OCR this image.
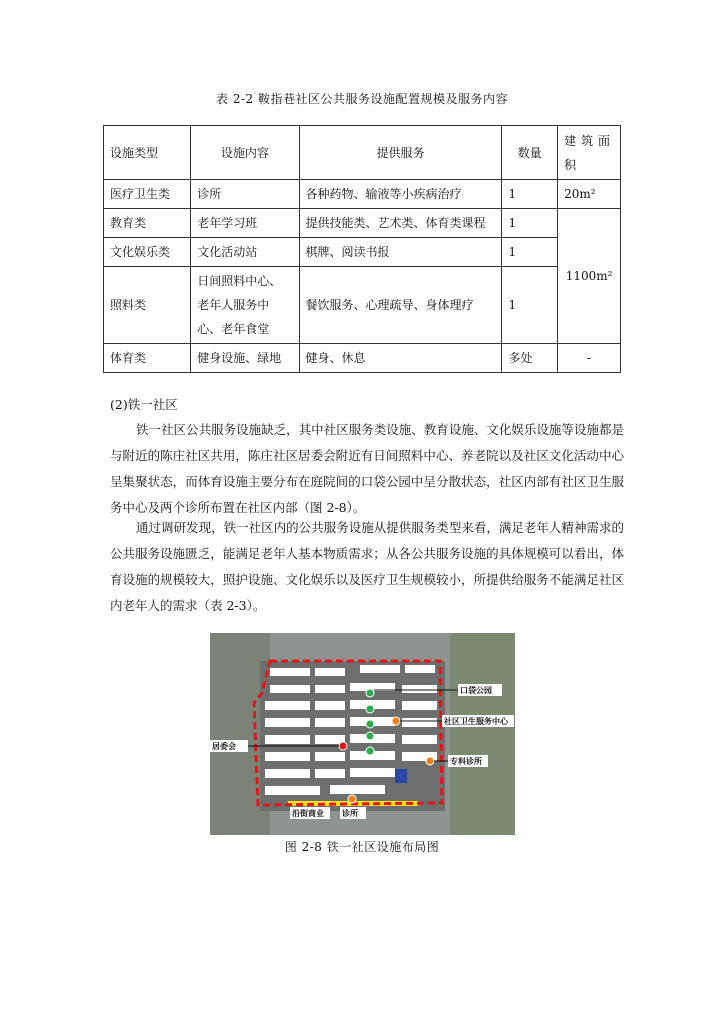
表 2-2 鞍指巷社区公共服务设施配置规模及服务内容
设施类型	设施内容	提供服务	数量	建筑面积
医疗卫生类	诊所	各种药物、输液等小疾病治疗	1	20m²
教育类	老年学习班	提供技能类、艺术类、体育类课程	1	1100m²
文化娱乐类	文化活动站	棋牌、阅读书报	1	
照料类	日间照料中心、老年人服务中心、老年食堂	餐饮服务、心理疏导、身体理疗	1	
体育类	健身设施、绿地	健身、休息	多处	-
(2)铁一社区
铁一社区公共服务设施缺乏，其中社区服务类设施、教育设施、文化娱乐设施等设施都是与附近的陈庄社区共用，陈庄社区居委会附近有日间照料中心、养老院以及社区文化活动中心呈集聚状态，而体育设施主要分布在庭院间的口袋公园中呈分散状态，社区内部有社区卫生服务中心及两个诊所布置在社区内部（图 2-8）。
通过调研发现，铁一社区内的公共服务设施从提供服务类型来看，满足老年人精神需求的公共服务设施匮乏，能满足老年人基本物质需求；从各公共服务设施的具体规模可以看出，体育设施的规模较大，照护设施、文化娱乐以及医疗卫生规模较小，所提供给服务不能满足社区内老年人的需求（表 2-3）。
口袋公园
社区卫生服务中心
专科诊所
居委会
沿街商业 诊所
图 2-8 铁一社区设施布局图
